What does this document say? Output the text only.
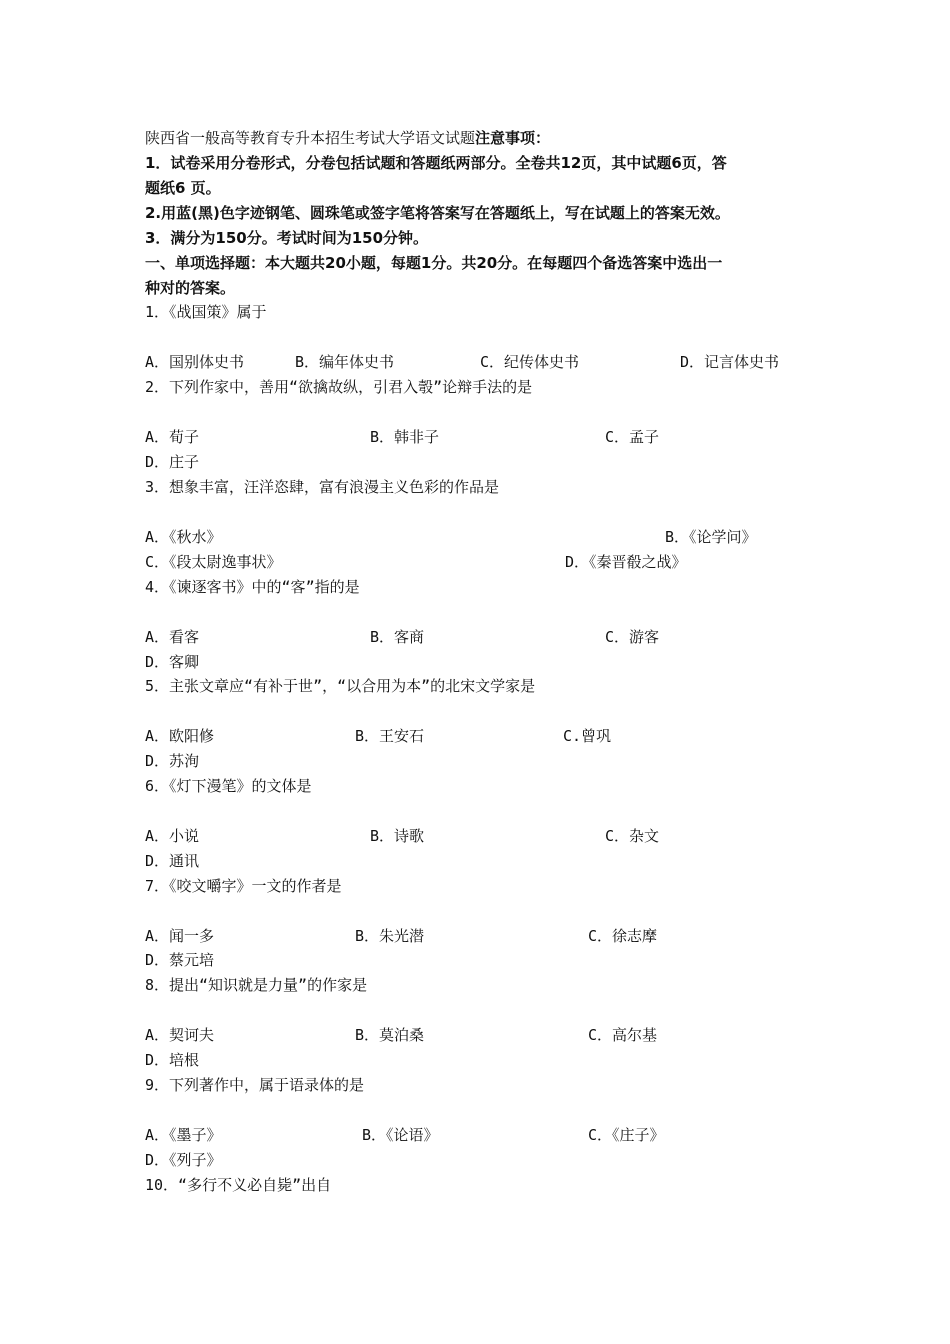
陕西省一般高等教育专升本招生考试大学语文试题注意事项：
1．试卷采用分卷形式，分卷包括试题和答题纸两部分。全卷共12页，其中试题6页，答
题纸6 页。
2.用蓝(黑)色字迹钢笔、圆珠笔或签字笔将答案写在答题纸上，写在试题上的答案无效。
3．满分为150分。考试时间为150分钟。
一、单项选择题：本大题共20小题，每题1分。共20分。在每题四个备选答案中选出一
种对的答案。
1．《战国策》属于
A．国别体史书	B．编年体史书	C．纪传体史书	D．记言体史书
2．下列作家中，善用“欲擒故纵，引君入彀”论辩手法的是
A．荀子	B．韩非子	C．孟子
D．庄子
3．想象丰富，汪洋恣肆，富有浪漫主义色彩的作品是
A．《秋水》	B．《论学问》
C．《段太尉逸事状》	D．《秦晋殽之战》
4．《谏逐客书》中的“客”指的是
A．看客	B．客商	C．游客
D．客卿
5．主张文章应“有补于世”，“以合用为本”的北宋文学家是
A．欧阳修	B．王安石	C.曾巩
D．苏洵
6．《灯下漫笔》的文体是
A．小说	B．诗歌	C．杂文
D．通讯
7．《咬文嚼字》一文的作者是
A．闻一多	B．朱光潜	C．徐志摩
D．蔡元培
8．提出“知识就是力量”的作家是
A．契诃夫	B．莫泊桑	C．高尔基
D．培根
9．下列著作中，属于语录体的是
A．《墨子》	B．《论语》	C．《庄子》
D．《列子》
10．“多行不义必自毙”出自
